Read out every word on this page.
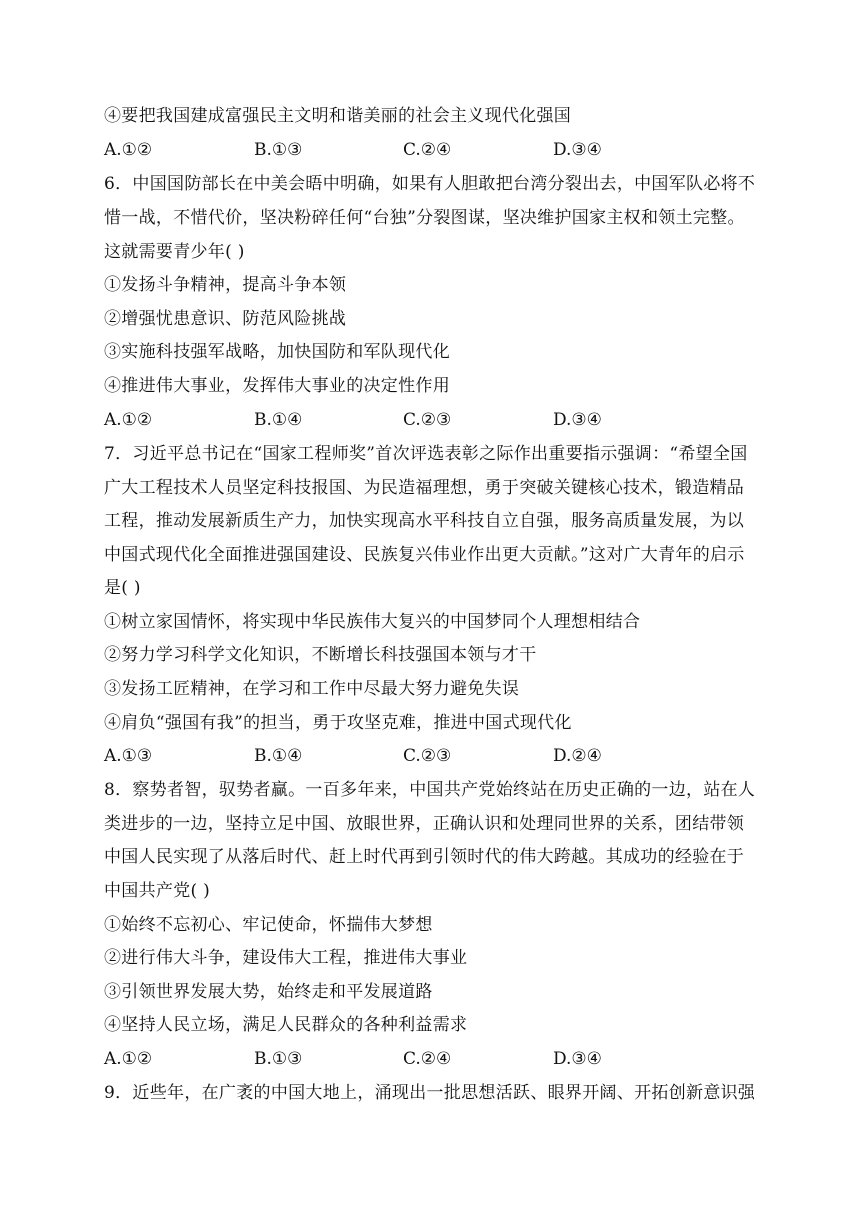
④要把我国建成富强民主文明和谐美丽的社会主义现代化强国
A.①②	B.①③	C.②④	D.③④
6．中国国防部长在中美会晤中明确，如果有人胆敢把台湾分裂出去，中国军队必将不
惜一战，不惜代价，坚决粉碎任何“台独”分裂图谋，坚决维护国家主权和领土完整。
这就需要青少年( )
①发扬斗争精神，提高斗争本领
②增强忧患意识、防范风险挑战
③实施科技强军战略，加快国防和军队现代化
④推进伟大事业，发挥伟大事业的决定性作用
A.①②	B.①④	C.②③	D.③④
7．习近平总书记在“国家工程师奖”首次评选表彰之际作出重要指示强调：“希望全国
广大工程技术人员坚定科技报国、为民造福理想，勇于突破关键核心技术，锻造精品
工程，推动发展新质生产力，加快实现高水平科技自立自强，服务高质量发展，为以
中国式现代化全面推进强国建设、民族复兴伟业作出更大贡献。”这对广大青年的启示
是( )
①树立家国情怀，将实现中华民族伟大复兴的中国梦同个人理想相结合
②努力学习科学文化知识，不断增长科技强国本领与才干
③发扬工匠精神，在学习和工作中尽最大努力避免失误
④肩负“强国有我”的担当，勇于攻坚克难，推进中国式现代化
A.①③	B.①④	C.②③	D.②④
8．察势者智，驭势者赢。一百多年来，中国共产党始终站在历史正确的一边，站在人
类进步的一边，坚持立足中国、放眼世界，正确认识和处理同世界的关系，团结带领
中国人民实现了从落后时代、赶上时代再到引领时代的伟大跨越。其成功的经验在于
中国共产党( )
①始终不忘初心、牢记使命，怀揣伟大梦想
②进行伟大斗争，建设伟大工程，推进伟大事业
③引领世界发展大势，始终走和平发展道路
④坚持人民立场，满足人民群众的各种利益需求
A.①②	B.①③	C.②④	D.③④
9．近些年，在广袤的中国大地上，涌现出一批思想活跃、眼界开阔、开拓创新意识强
